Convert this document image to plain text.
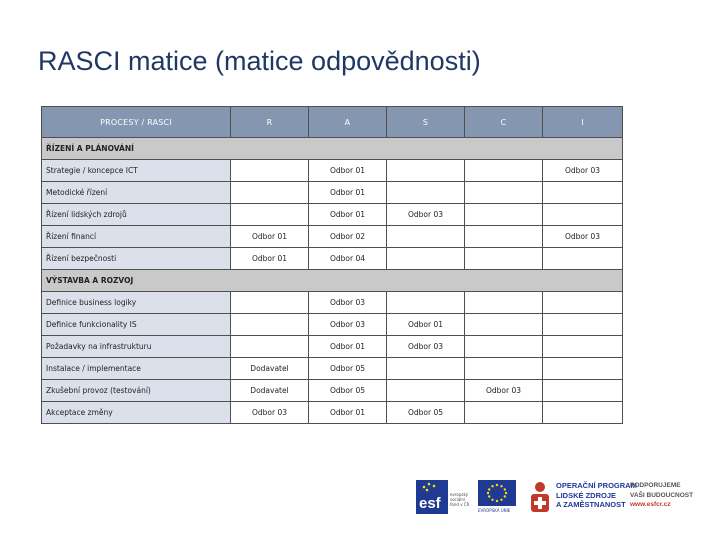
RASCI matice (matice odpovědnosti)
PROCESY / RASCI	R	A	S	C	I
ŘÍZENÍ A PLÁNOVÁNÍ					
Strategie / koncepce ICT		Odbor 01			Odbor 03
Metodické řízení		Odbor 01			
Řízení lidských zdrojů		Odbor 01	Odbor 03		
Řízení financí	Odbor 01	Odbor 02			Odbor 03
Řízení bezpečnosti	Odbor 01	Odbor 04			
VÝSTAVBA A ROZVOJ					
Definice business logiky		Odbor 03			
Definice funkcionality IS		Odbor 03	Odbor 01		
Požadavky na infrastrukturu		Odbor 01	Odbor 03		
Instalace / implementace	Dodavatel	Odbor 05			
Zkušební provoz (testování)	Dodavatel	Odbor 05		Odbor 03	
Akceptace změny	Odbor 03	Odbor 01	Odbor 05		
esf
evropský
sociální
fond v ČR
EVROPSKÁ UNIE
OPERAČNÍ PROGRAM
LIDSKÉ ZDROJE
A ZAMĚSTNANOST
PODPORUJEME
VAŠI BUDOUCNOST
www.esfcr.cz
